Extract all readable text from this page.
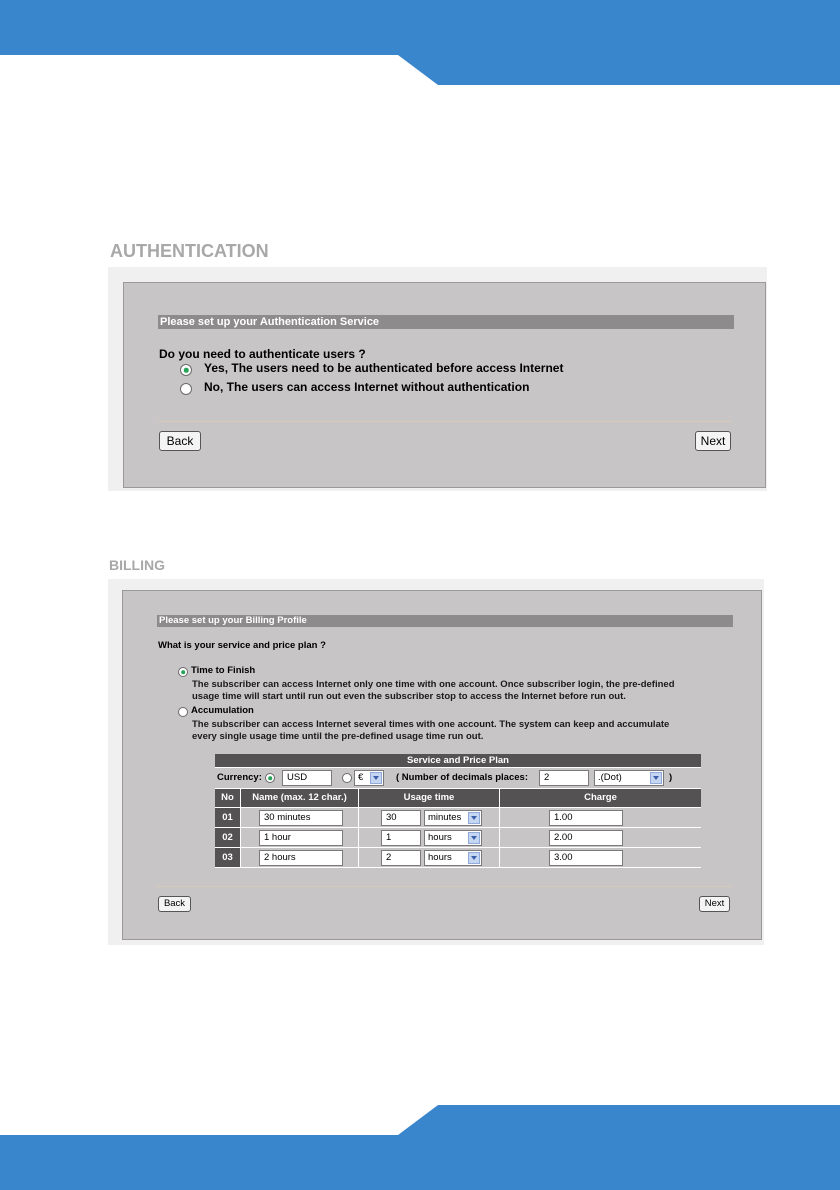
AUTHENTICATION
Please set up your Authentication Service
Do you need to authenticate users ?
Yes, The users need to be authenticated before access Internet
No, The users can access Internet without authentication
Back	Next
BILLING
Please set up your Billing Profile
What is your service and price plan ?
Time to Finish
The subscriber can access Internet only one time with one account. Once subscriber login, the pre-defined
usage time will start until run out even the subscriber stop to access the Internet before run out.
Accumulation
The subscriber can access Internet several times with one account. The system can keep and accumulate
every single usage time until the pre-defined usage time run out.
Service and Price Plan
Currency:	USD	€	( Number of decimals places:	2	.(Dot)	)
No	Name (max. 12 char.)	Usage time	Charge
01	30 minutes	30	minutes	1.00
02	1 hour	1	hours	2.00
03	2 hours	2	hours	3.00
Back	Next
